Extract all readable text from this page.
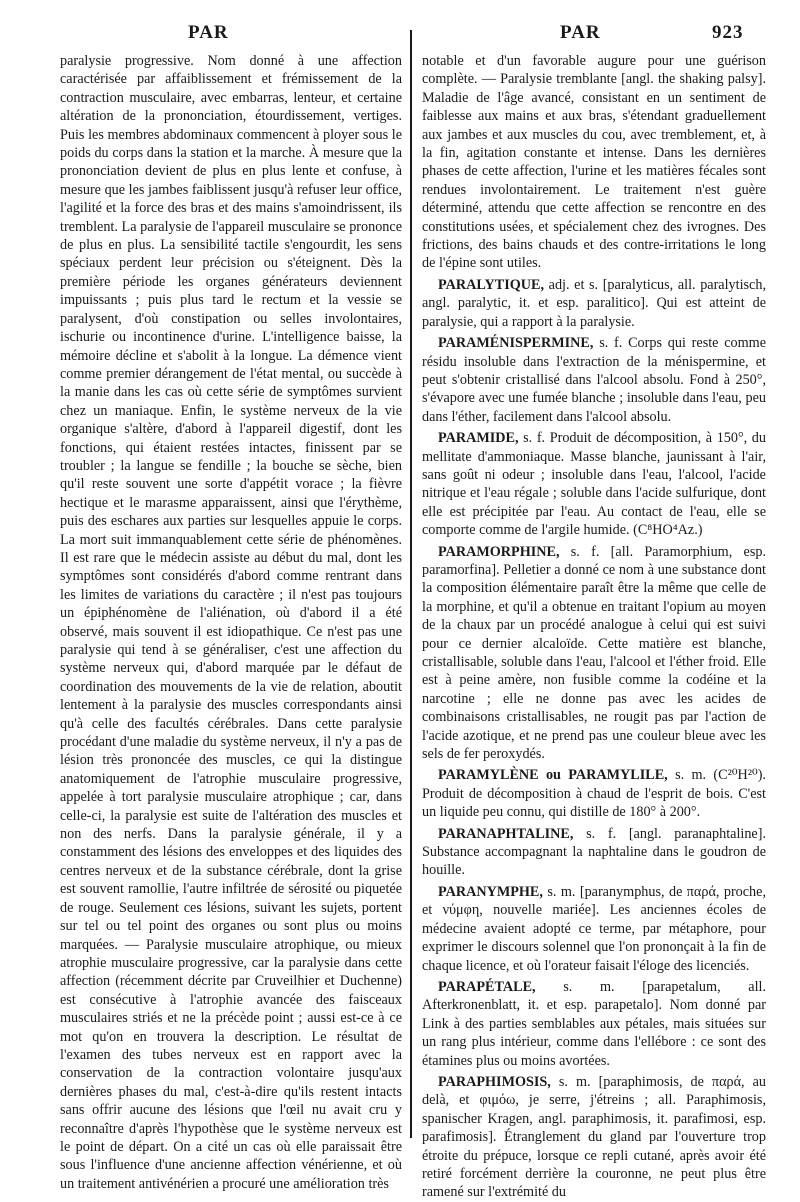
PAR	PAR	923

paralysie progressive. Nom donné à une affection caractérisée par affaiblissement et frémissement de la contraction musculaire, avec embarras, lenteur, et certaine altération de la prononciation, étourdissement, vertiges. Puis les membres abdominaux commencent à ployer sous le poids du corps dans la station et la marche. À mesure que la prononciation devient de plus en plus lente et confuse, à mesure que les jambes faiblissent jusqu'à refuser leur office, l'agilité et la force des bras et des mains s'amoindrissent, ils tremblent. La paralysie de l'appareil musculaire se prononce de plus en plus. La sensibilité tactile s'engourdit, les sens spéciaux perdent leur précision ou s'éteignent. Dès la première période les organes générateurs deviennent impuissants ; puis plus tard le rectum et la vessie se paralysent, d'où constipation ou selles involontaires, ischurie ou incontinence d'urine. L'intelligence baisse, la mémoire décline et s'abolit à la longue. La démence vient comme premier dérangement de l'état mental, ou succède à la manie dans les cas où cette série de symptômes survient chez un maniaque. Enfin, le système nerveux de la vie organique s'altère, d'abord à l'appareil digestif, dont les fonctions, qui étaient restées intactes, finissent par se troubler ; la langue se fendille ; la bouche se sèche, bien qu'il reste souvent une sorte d'appétit vorace ; la fièvre hectique et le marasme apparaissent, ainsi que l'érythème, puis des eschares aux parties sur lesquelles appuie le corps. La mort suit immanquablement cette série de phénomènes. Il est rare que le médecin assiste au début du mal, dont les symptômes sont considérés d'abord comme rentrant dans les limites de variations du caractère ; il n'est pas toujours un épiphénomène de l'aliénation, où d'abord il a été observé, mais souvent il est idiopathique. Ce n'est pas une paralysie qui tend à se généraliser, c'est une affection du système nerveux qui, d'abord marquée par le défaut de coordination des mouvements de la vie de relation, aboutit lentement à la paralysie des muscles correspondants ainsi qu'à celle des facultés cérébrales. Dans cette paralysie procédant d'une maladie du système nerveux, il n'y a pas de lésion très prononcée des muscles, ce qui la distingue anatomiquement de l'atrophie musculaire progressive, appelée à tort paralysie musculaire atrophique ; car, dans celle-ci, la paralysie est suite de l'altération des muscles et non des nerfs. Dans la paralysie générale, il y a constamment des lésions des enveloppes et des liquides des centres nerveux et de la substance cérébrale, dont la grise est souvent ramollie, l'autre infiltrée de sérosité ou piquetée de rouge. Seulement ces lésions, suivant les sujets, portent sur tel ou tel point des organes ou sont plus ou moins marquées. — Paralysie musculaire atrophique, ou mieux atrophie musculaire progressive, car la paralysie dans cette affection (récemment décrite par Cruveilhier et Duchenne) est consécutive à l'atrophie avancée des faisceaux musculaires striés et ne la précède point ; aussi est-ce à ce mot qu'on en trouvera la description. Le résultat de l'examen des tubes nerveux est en rapport avec la conservation de la contraction volontaire jusqu'aux dernières phases du mal, c'est-à-dire qu'ils restent intacts sans offrir aucune des lésions que l'œil nu avait cru y reconnaître d'après l'hypothèse que le système nerveux est le point de départ. On a cité un cas où elle paraissait être sous l'influence d'une ancienne affection vénérienne, et où un traitement antivénérien a procuré une amélioration très

notable et d'un favorable augure pour une guérison complète. — Paralysie tremblante [angl. the shaking palsy]. Maladie de l'âge avancé, consistant en un sentiment de faiblesse aux mains et aux bras, s'étendant graduellement aux jambes et aux muscles du cou, avec tremblement, et, à la fin, agitation constante et intense. Dans les dernières phases de cette affection, l'urine et les matières fécales sont rendues involontairement. Le traitement n'est guère déterminé, attendu que cette affection se rencontre en des constitutions usées, et spécialement chez des ivrognes. Des frictions, des bains chauds et des contre-irritations le long de l'épine sont utiles.

PARALYTIQUE, adj. et s. [paralyticus, all. paralytisch, angl. paralytic, it. et esp. paralitico]. Qui est atteint de paralysie, qui a rapport à la paralysie.

PARAMÉNISPERMINE, s. f. Corps qui reste comme résidu insoluble dans l'extraction de la ménispermine, et peut s'obtenir cristallisé dans l'alcool absolu. Fond à 250°, s'évapore avec une fumée blanche ; insoluble dans l'eau, peu dans l'éther, facilement dans l'alcool absolu.

PARAMIDE, s. f. Produit de décomposition, à 150°, du mellitate d'ammoniaque. Masse blanche, jaunissant à l'air, sans goût ni odeur ; insoluble dans l'eau, l'alcool, l'acide nitrique et l'eau régale ; soluble dans l'acide sulfurique, dont elle est précipitée par l'eau. Au contact de l'eau, elle se comporte comme de l'argile humide. (C⁸HO⁴Az.)

PARAMORPHINE, s. f. [all. Paramorphium, esp. paramorfina]. Pelletier a donné ce nom à une substance dont la composition élémentaire paraît être la même que celle de la morphine, et qu'il a obtenue en traitant l'opium au moyen de la chaux par un procédé analogue à celui qui est suivi pour ce dernier alcaloïde. Cette matière est blanche, cristallisable, soluble dans l'eau, l'alcool et l'éther froid. Elle est à peine amère, non fusible comme la codéine et la narcotine ; elle ne donne pas avec les acides de combinaisons cristallisables, ne rougit pas par l'action de l'acide azotique, et ne prend pas une couleur bleue avec les sels de fer peroxydés.

PARAMYLÈNE ou PARAMYLILE, s. m. (C²⁰H²⁰). Produit de décomposition à chaud de l'esprit de bois. C'est un liquide peu connu, qui distille de 180° à 200°.

PARANAPHTALINE, s. f. [angl. paranaphtaline]. Substance accompagnant la naphtaline dans le goudron de houille.

PARANYMPHE, s. m. [paranymphus, de παρά, proche, et νύμφη, nouvelle mariée]. Les anciennes écoles de médecine avaient adopté ce terme, par métaphore, pour exprimer le discours solennel que l'on prononçait à la fin de chaque licence, et où l'orateur faisait l'éloge des licenciés.

PARAPÉTALE, s. m. [parapetalum, all. Afterkronenblatt, it. et esp. parapetalo]. Nom donné par Link à des parties semblables aux pétales, mais situées sur un rang plus intérieur, comme dans l'ellébore : ce sont des étamines plus ou moins avortées.

PARAPHIMOSIS, s. m. [paraphimosis, de παρά, au delà, et φιμόω, je serre, j'étreins ; all. Paraphimosis, spanischer Kragen, angl. paraphimosis, it. parafimosi, esp. parafimosis]. Étranglement du gland par l'ouverture trop étroite du prépuce, lorsque ce repli cutané, après avoir été retiré forcément derrière la couronne, ne peut plus être ramené sur l'extrémité du
